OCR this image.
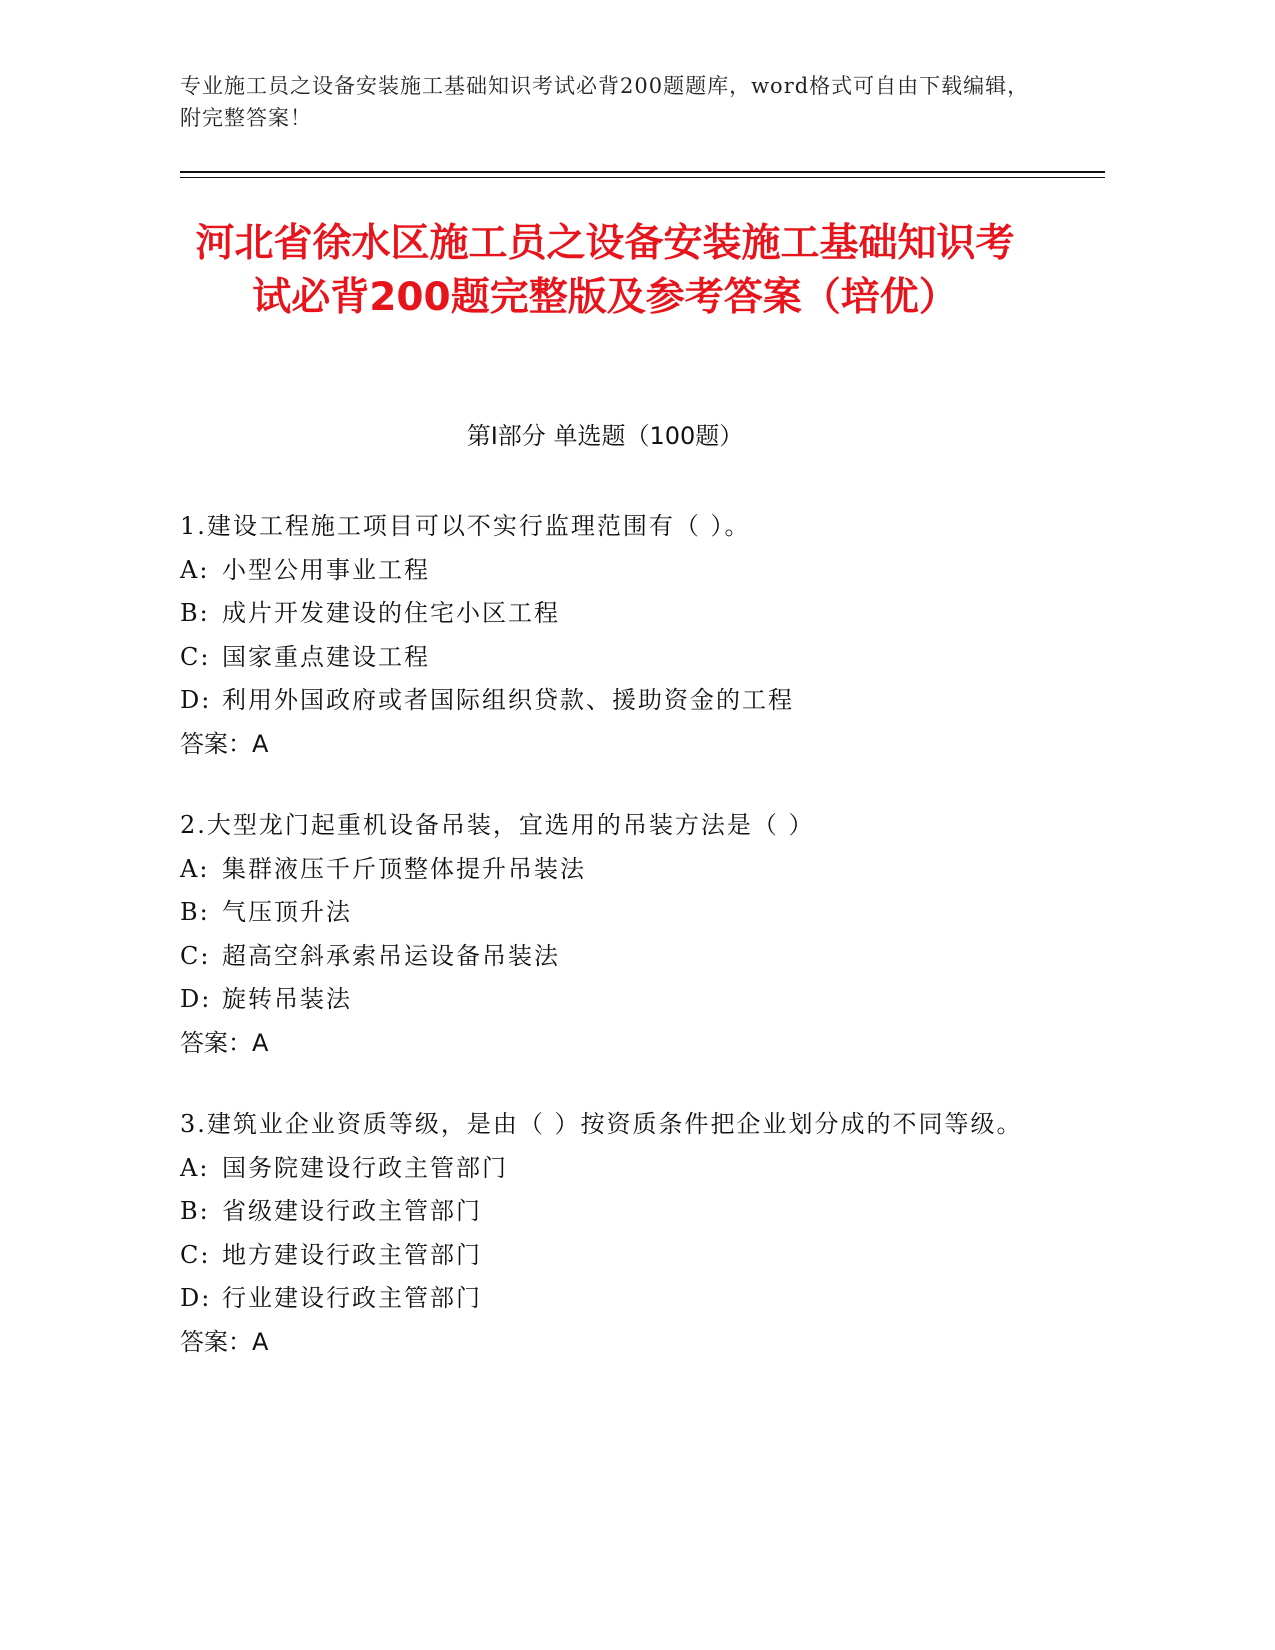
专业施工员之设备安装施工基础知识考试必背200题题库，word格式可自由下载编辑，附完整答案！
河北省徐水区施工员之设备安装施工基础知识考试必背200题完整版及参考答案（培优）
第Ⅰ部分 单选题（100题）
1.建设工程施工项目可以不实行监理范围有（ ）。
A: 小型公用事业工程
B: 成片开发建设的住宅小区工程
C: 国家重点建设工程
D: 利用外国政府或者国际组织贷款、援助资金的工程
答案：A
2.大型龙门起重机设备吊装，宜选用的吊装方法是（ ）
A: 集群液压千斤顶整体提升吊装法
B: 气压顶升法
C: 超高空斜承索吊运设备吊装法
D: 旋转吊装法
答案：A
3.建筑业企业资质等级，是由（ ）按资质条件把企业划分成的不同等级。
A: 国务院建设行政主管部门
B: 省级建设行政主管部门
C: 地方建设行政主管部门
D: 行业建设行政主管部门
答案：A
